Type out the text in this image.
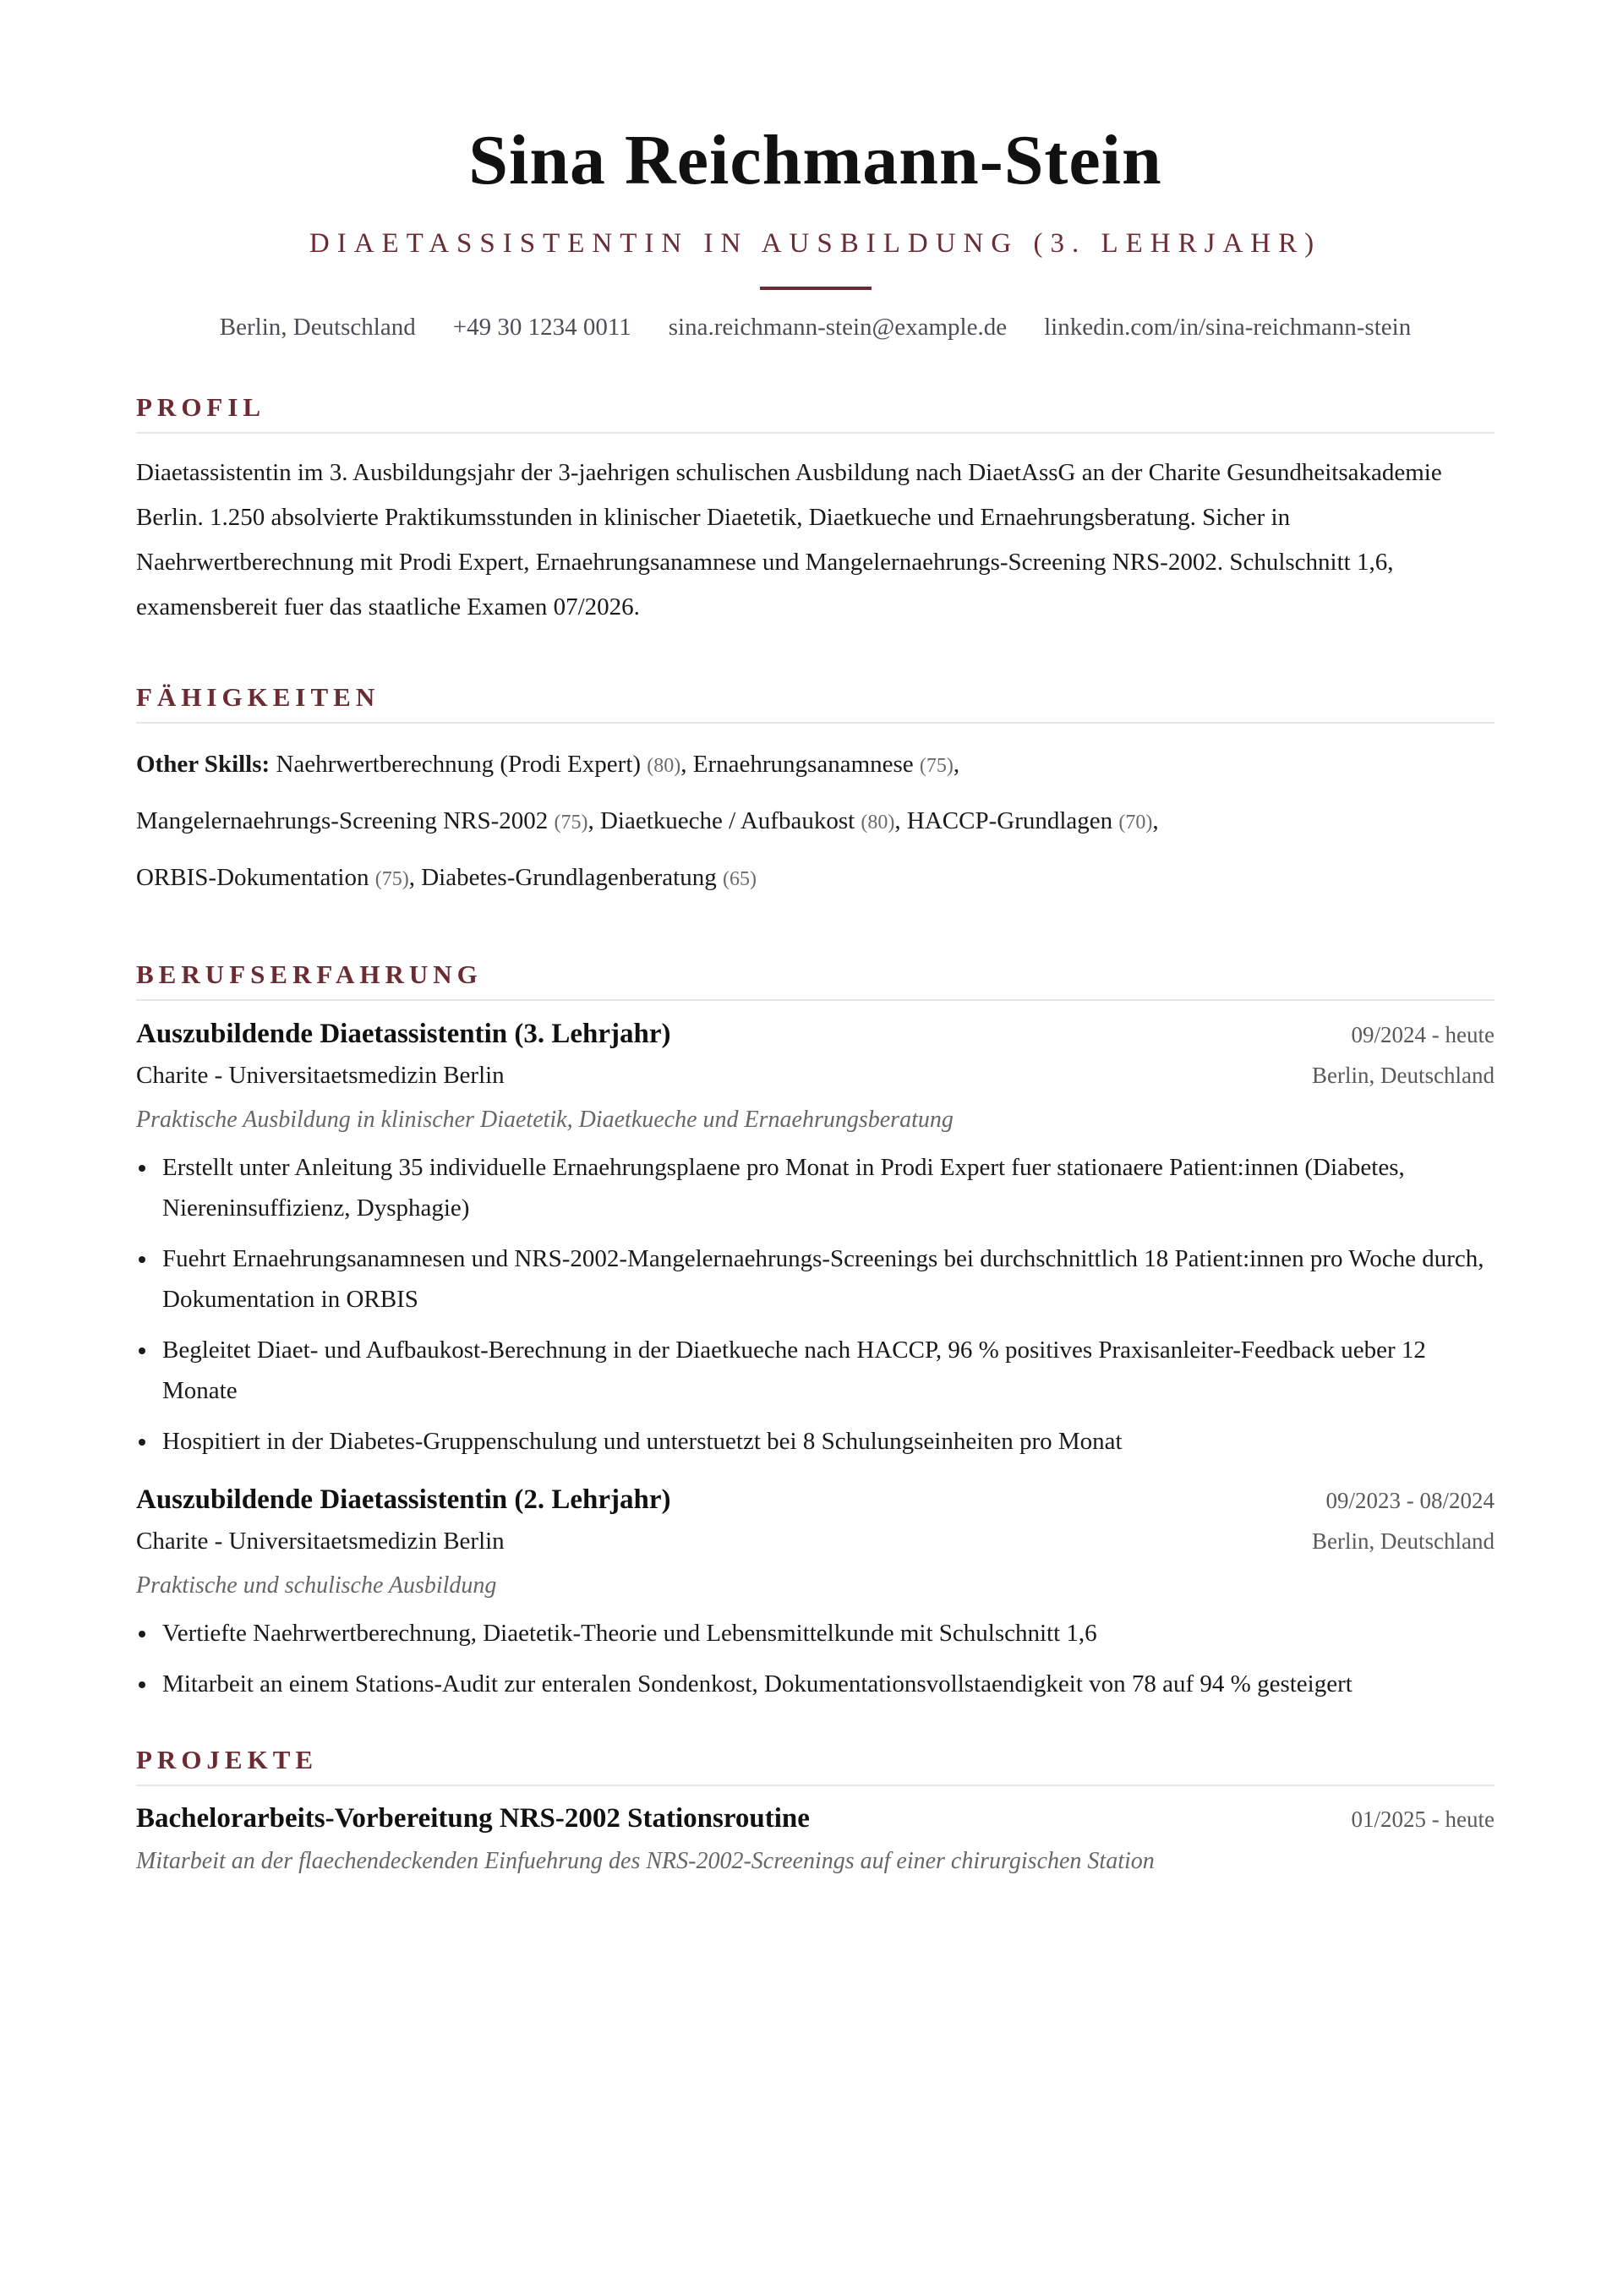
Sina Reichmann-Stein
DIAETASSISTENTIN IN AUSBILDUNG (3. LEHRJAHR)
Berlin, Deutschland +49 30 1234 0011 sina.reichmann-stein@example.de linkedin.com/in/sina-reichmann-stein
PROFIL

Diaetassistentin im 3. Ausbildungsjahr der 3-jaehrigen schulischen Ausbildung nach DiaetAssG an der Charite Gesundheitsakademie Berlin. 1.250 absolvierte Praktikumsstunden in klinischer Diaetetik, Diaetkueche und Ernaehrungsberatung. Sicher in Naehrwertberechnung mit Prodi Expert, Ernaehrungsanamnese und Mangelernaehrungs-Screening NRS-2002. Schulschnitt 1,6, examensbereit fuer das staatliche Examen 07/2026.

FÄHIGKEITEN

Other Skills: Naehrwertberechnung (Prodi Expert) (80), Ernaehrungsanamnese (75),
Mangelernaehrungs-Screening NRS-2002 (75), Diaetkueche / Aufbaukost (80), HACCP-Grundlagen (70),
ORBIS-Dokumentation (75), Diabetes-Grundlagenberatung (65)

BERUFSERFAHRUNG
Auszubildende Diaetassistentin (3. Lehrjahr)	09/2024 - heute
Charite - Universitaetsmedizin Berlin	Berlin, Deutschland
Praktische Ausbildung in klinischer Diaetetik, Diaetkueche und Ernaehrungsberatung
Erstellt unter Anleitung 35 individuelle Ernaehrungsplaene pro Monat in Prodi Expert fuer stationaere Patient:innen (Diabetes, Niereninsuffizienz, Dysphagie)
Fuehrt Ernaehrungsanamnesen und NRS-2002-Mangelernaehrungs-Screenings bei durchschnittlich 18 Patient:innen pro Woche durch, Dokumentation in ORBIS
Begleitet Diaet- und Aufbaukost-Berechnung in der Diaetkueche nach HACCP, 96 % positives Praxisanleiter-Feedback ueber 12 Monate
Hospitiert in der Diabetes-Gruppenschulung und unterstuetzt bei 8 Schulungseinheiten pro Monat
Auszubildende Diaetassistentin (2. Lehrjahr)	09/2023 - 08/2024
Charite - Universitaetsmedizin Berlin	Berlin, Deutschland
Praktische und schulische Ausbildung
Vertiefte Naehrwertberechnung, Diaetetik-Theorie und Lebensmittelkunde mit Schulschnitt 1,6
Mitarbeit an einem Stations-Audit zur enteralen Sondenkost, Dokumentationsvollstaendigkeit von 78 auf 94 % gesteigert
PROJEKTE
Bachelorarbeits-Vorbereitung NRS-2002 Stationsroutine	01/2025 - heute
Mitarbeit an der flaechendeckenden Einfuehrung des NRS-2002-Screenings auf einer chirurgischen Station
